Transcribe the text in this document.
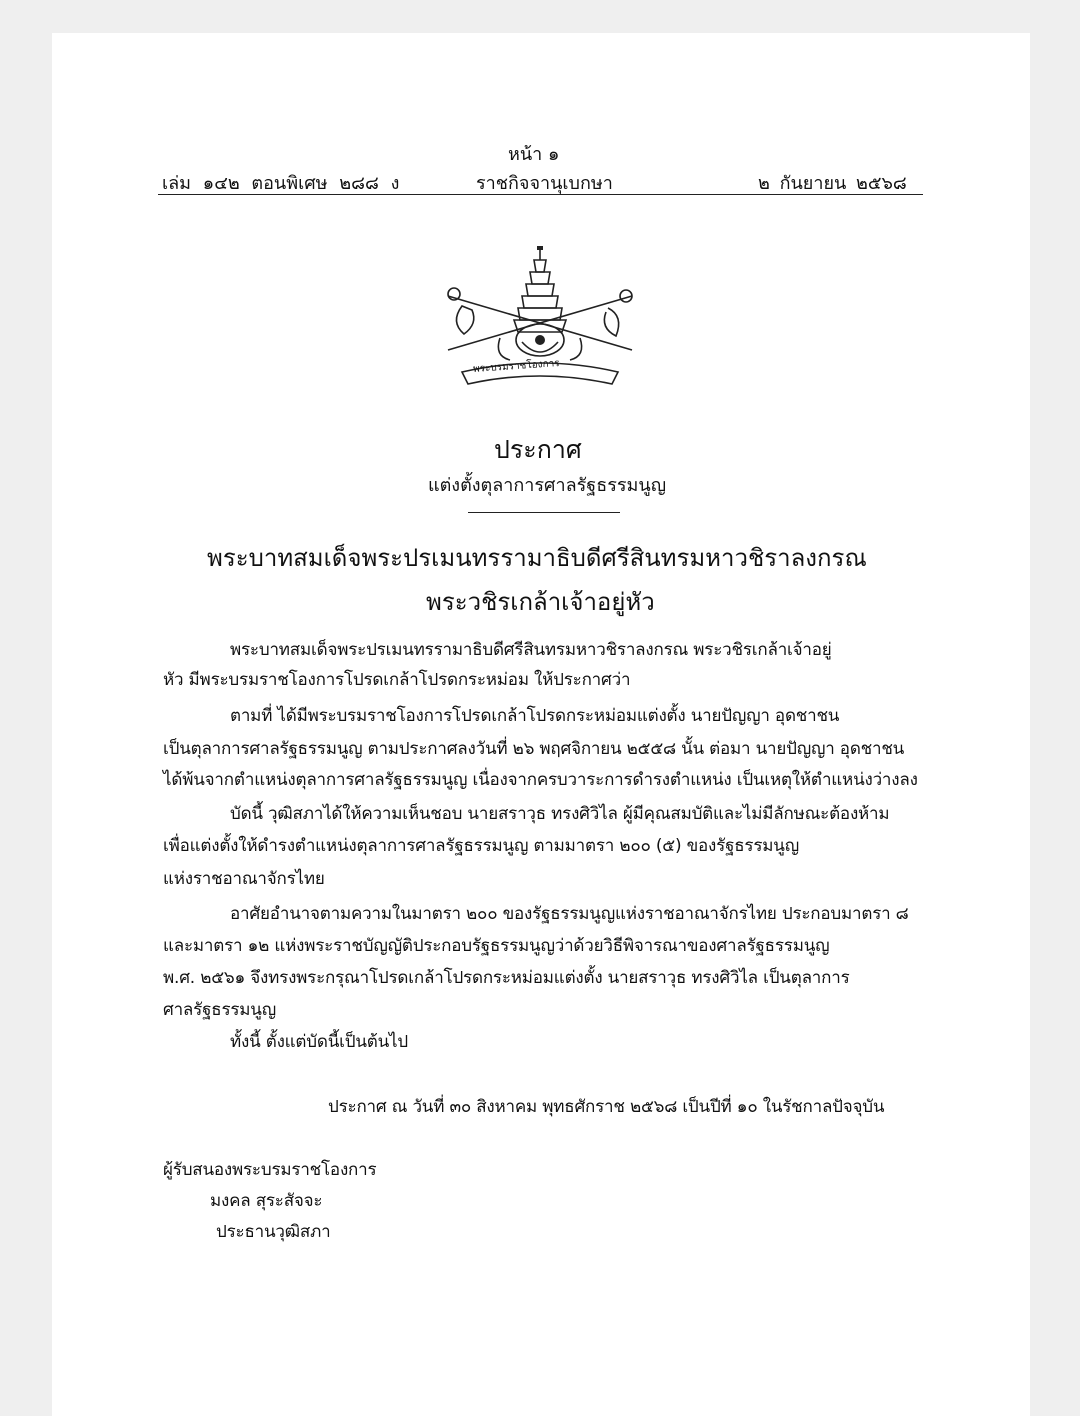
หน้า ๑
เล่ม ๑๔๒ ตอนพิเศษ ๒๘๘ ง	ราชกิจจานุเบกษา	๒ กันยายน ๒๕๖๘
พระบรมราชโองการ
ประกาศ
แต่งตั้งตุลาการศาลรัฐธรรมนูญ
พระบาทสมเด็จพระปรเมนทรรามาธิบดีศรีสินทรมหาวชิราลงกรณ
พระวชิรเกล้าเจ้าอยู่หัว
พระบาทสมเด็จพระปรเมนทรรามาธิบดีศรีสินทรมหาวชิราลงกรณ พระวชิรเกล้าเจ้าอยู่
หัว มีพระบรมราชโองการโปรดเกล้าโปรดกระหม่อม ให้ประกาศว่า
ตามที่ ได้มีพระบรมราชโองการโปรดเกล้าโปรดกระหม่อมแต่งตั้ง นายปัญญา อุดชาชน
เป็นตุลาการศาลรัฐธรรมนูญ ตามประกาศลงวันที่ ๒๖ พฤศจิกายน ๒๕๕๘ นั้น ต่อมา นายปัญญา อุดชาชน
ได้พ้นจากตำแหน่งตุลาการศาลรัฐธรรมนูญ เนื่องจากครบวาระการดำรงตำแหน่ง เป็นเหตุให้ตำแหน่งว่างลง
บัดนี้ วุฒิสภาได้ให้ความเห็นชอบ นายสราวุธ ทรงศิวิไล ผู้มีคุณสมบัติและไม่มีลักษณะต้องห้าม
เพื่อแต่งตั้งให้ดำรงตำแหน่งตุลาการศาลรัฐธรรมนูญ ตามมาตรา ๒๐๐ (๕) ของรัฐธรรมนูญ
แห่งราชอาณาจักรไทย
อาศัยอำนาจตามความในมาตรา ๒๐๐ ของรัฐธรรมนูญแห่งราชอาณาจักรไทย ประกอบมาตรา ๘
และมาตรา ๑๒ แห่งพระราชบัญญัติประกอบรัฐธรรมนูญว่าด้วยวิธีพิจารณาของศาลรัฐธรรมนูญ
พ.ศ. ๒๕๖๑ จึงทรงพระกรุณาโปรดเกล้าโปรดกระหม่อมแต่งตั้ง นายสราวุธ ทรงศิวิไล เป็นตุลาการ
ศาลรัฐธรรมนูญ
ทั้งนี้ ตั้งแต่บัดนี้เป็นต้นไป
ประกาศ ณ วันที่ ๓๐ สิงหาคม พุทธศักราช ๒๕๖๘ เป็นปีที่ ๑๐ ในรัชกาลปัจจุบัน
ผู้รับสนองพระบรมราชโองการ
มงคล สุระสัจจะ
ประธานวุฒิสภา
